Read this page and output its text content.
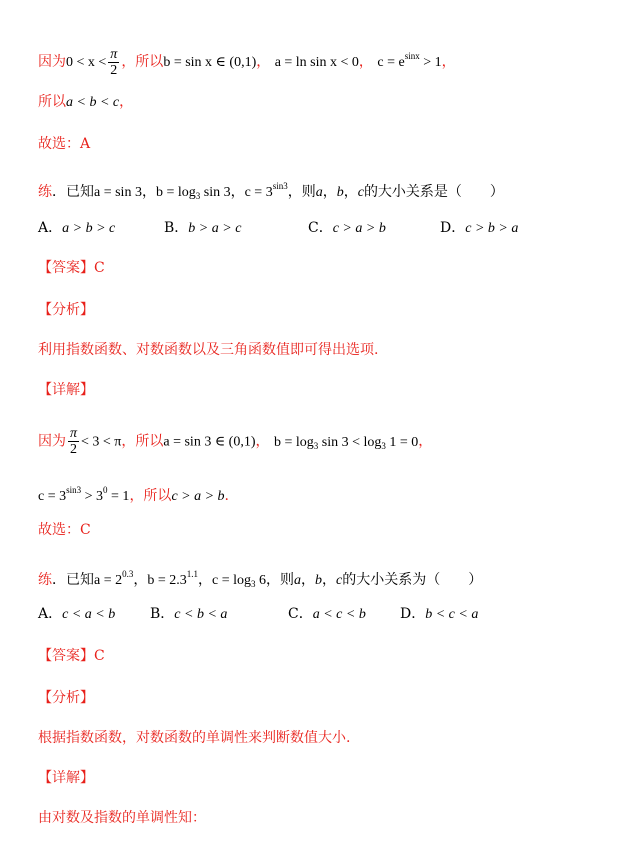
因为$0 < x < \frac{\pi}{2}$ ，所以b = sin x ∈ (0,1)， a = ln sin x < 0， $c = e^{sinx} > 1$，
所以a < b < c，
故选：A
练．已知a = sin 3，$b = \log_3 \sin 3$，$c = 3^{sin3}$，则a，b，c的大小关系是（　　）
A．a > b > c	B．b > a > c	C．c > a > b	D．c > b > a
【答案】C
【分析】
利用指数函数、对数函数以及三角函数值即可得出选项.
【详解】
因为 $\frac{\pi}{2} < 3 < \pi$，所以a = sin 3 ∈ (0,1)， $b = \log_3 \sin 3 < \log_3 1 = 0$，
$c = 3^{sin3} > 3^0 = 1$，所以c > a > b.
故选：C
练．已知$a = 2^{0.3}$，$b = 2.3^{1.1}$，$c = \log_3 6$，则a，b，c的大小关系为（　　）
A．c < a < b B．c < b < a	C．a < c < b D．b < c < a
【答案】C
【分析】
根据指数函数，对数函数的单调性来判断数值大小.
【详解】
由对数及指数的单调性知：
